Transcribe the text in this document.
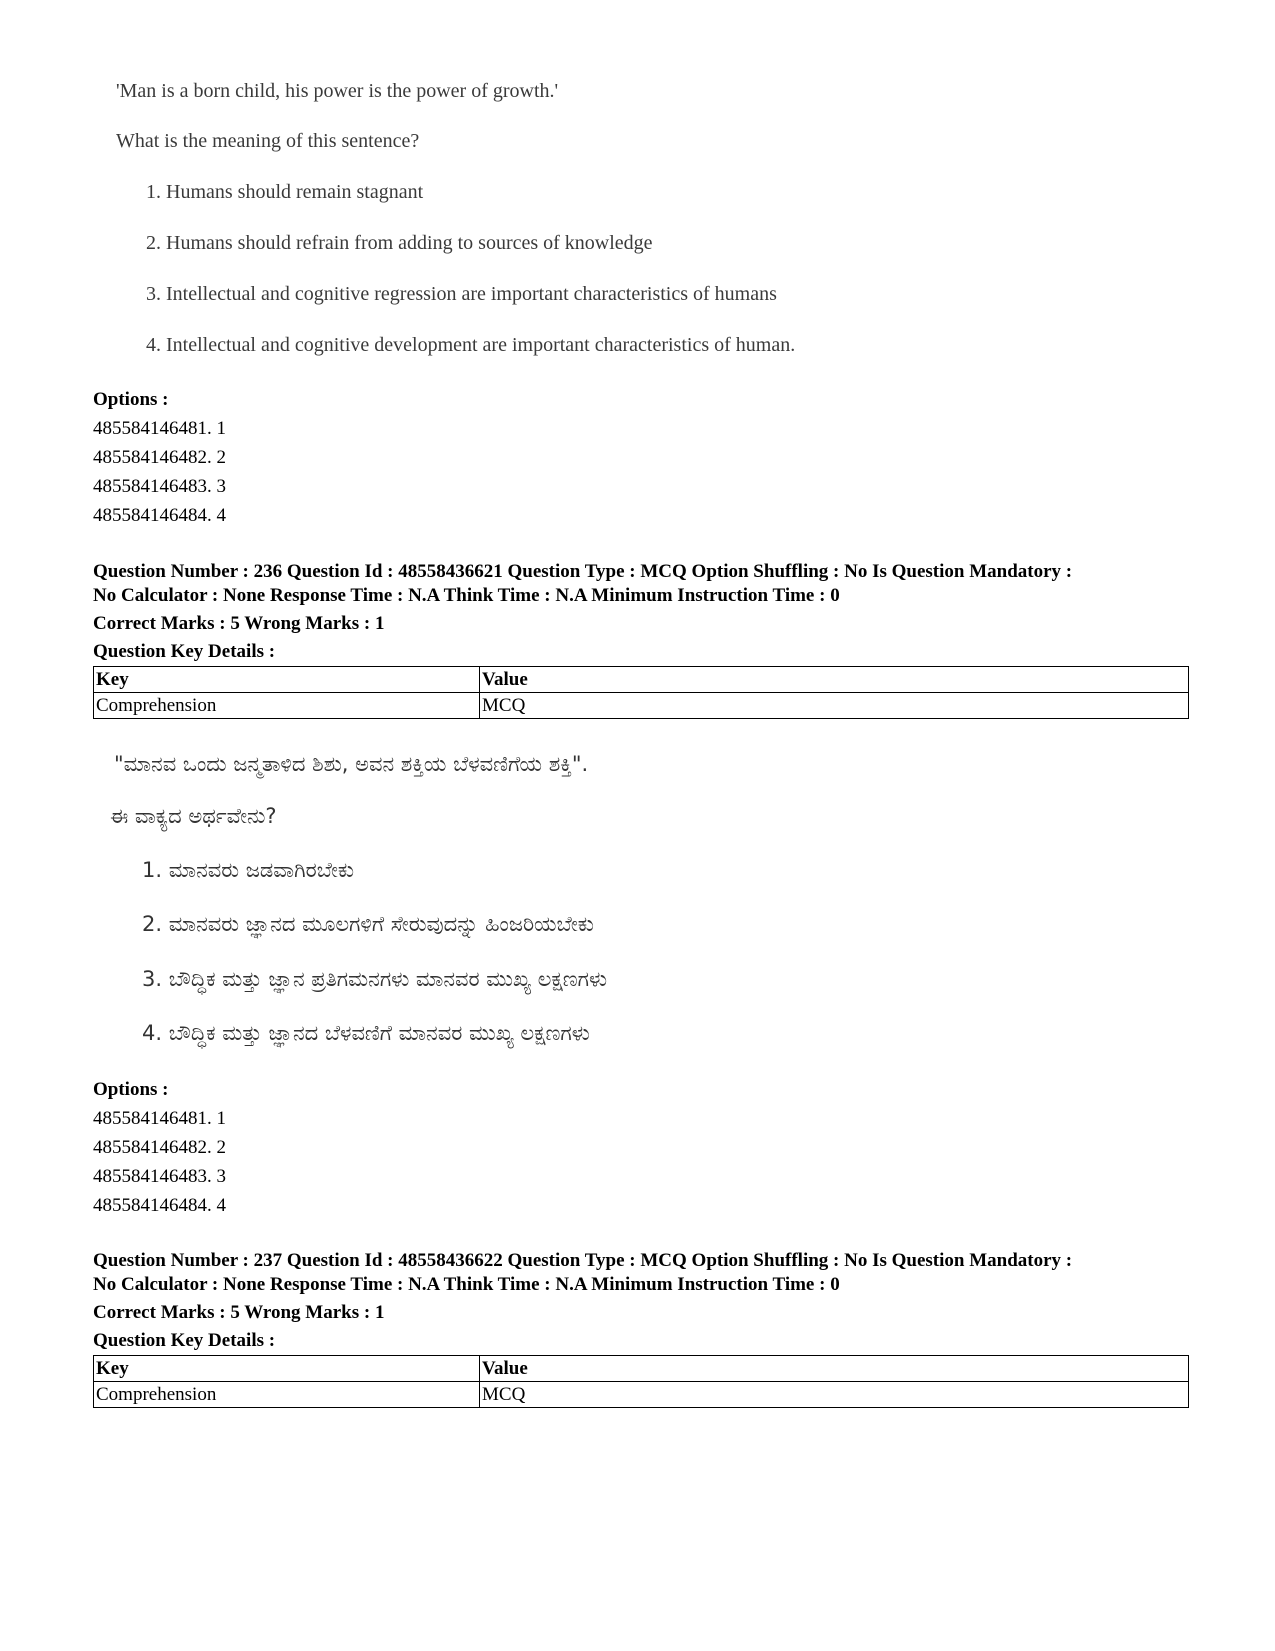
'Man is a born child, his power is the power of growth.'
What is the meaning of this sentence?
1. Humans should remain stagnant
2. Humans should refrain from adding to sources of knowledge
3. Intellectual and cognitive regression are important characteristics of humans
4. Intellectual and cognitive development are important characteristics of human.
Options :
485584146481. 1
485584146482. 2
485584146483. 3
485584146484. 4
Question Number : 236 Question Id : 48558436621 Question Type : MCQ Option Shuffling : No Is Question Mandatory :
No Calculator : None Response Time : N.A Think Time : N.A Minimum Instruction Time : 0
Correct Marks : 5 Wrong Marks : 1
Question Key Details :
Key	Value
Comprehension	MCQ
"ಮಾನವ ಒಂದು ಜನ್ಮತಾಳಿದ ಶಿಶು, ಅವನ ಶಕ್ತಿಯ ಬೆಳವಣಿಗೆಯ ಶಕ್ತಿ".
ಈ ವಾಕ್ಯದ ಅರ್ಥವೇನು?
1. ಮಾನವರು ಜಡವಾಗಿರಬೇಕು
2. ಮಾನವರು ಜ್ಞಾನದ ಮೂಲಗಳಿಗೆ ಸೇರುವುದನ್ನು ಹಿಂಜರಿಯಬೇಕು
3. ಬೌದ್ಧಿಕ ಮತ್ತು ಜ್ಞಾನ ಪ್ರತಿಗಮನಗಳು ಮಾನವರ ಮುಖ್ಯ ಲಕ್ಷಣಗಳು
4. ಬೌದ್ಧಿಕ ಮತ್ತು ಜ್ಞಾನದ ಬೆಳವಣಿಗೆ ಮಾನವರ ಮುಖ್ಯ ಲಕ್ಷಣಗಳು
Options :
485584146481. 1
485584146482. 2
485584146483. 3
485584146484. 4
Question Number : 237 Question Id : 48558436622 Question Type : MCQ Option Shuffling : No Is Question Mandatory :
No Calculator : None Response Time : N.A Think Time : N.A Minimum Instruction Time : 0
Correct Marks : 5 Wrong Marks : 1
Question Key Details :
Key	Value
Comprehension	MCQ
